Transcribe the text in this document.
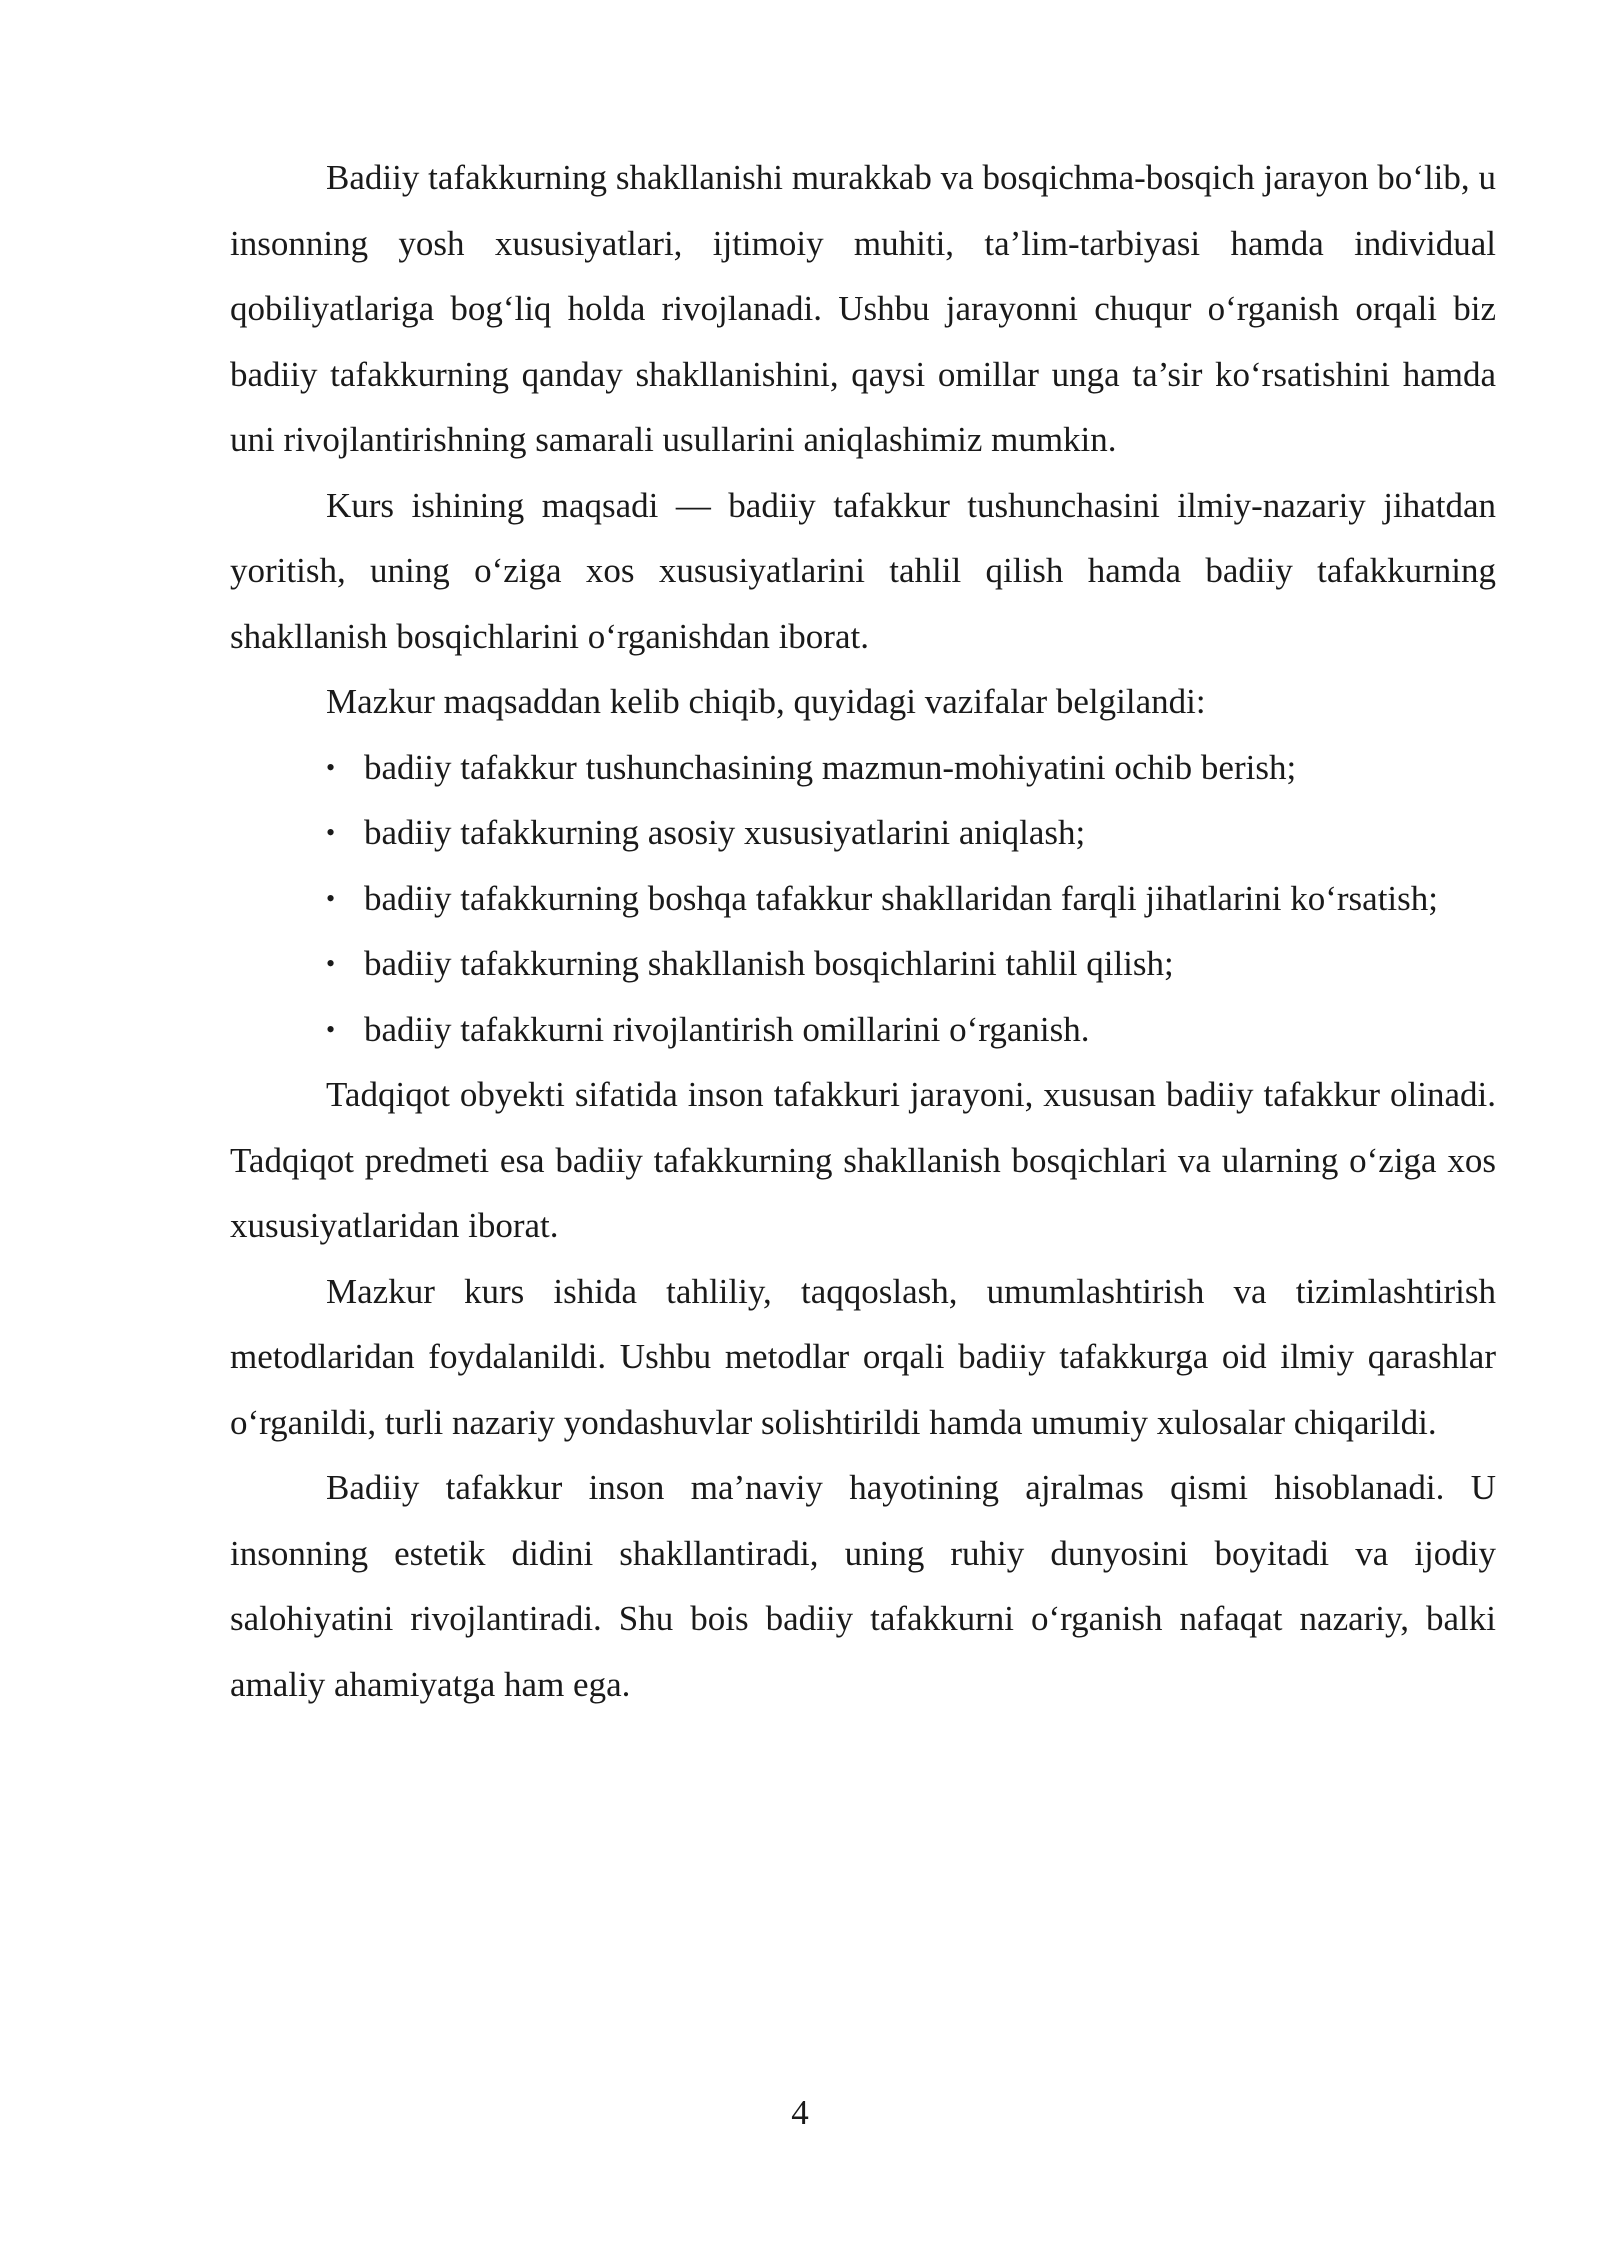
Badiiy tafakkurning shakllanishi murakkab va bosqichma-bosqich jarayon bo‘lib, u insonning yosh xususiyatlari, ijtimoiy muhiti, ta’lim-tarbiyasi hamda individual qobiliyatlariga bog‘liq holda rivojlanadi. Ushbu jarayonni chuqur o‘rganish orqali biz badiiy tafakkurning qanday shakllanishini, qaysi omillar unga ta’sir ko‘rsatishini hamda uni rivojlantirishning samarali usullarini aniqlashimiz mumkin.

Kurs ishining maqsadi — badiiy tafakkur tushunchasini ilmiy-nazariy jihatdan yoritish, uning o‘ziga xos xususiyatlarini tahlil qilish hamda badiiy tafakkurning shakllanish bosqichlarini o‘rganishdan iborat.

Mazkur maqsaddan kelib chiqib, quyidagi vazifalar belgilandi:

• badiiy tafakkur tushunchasining mazmun-mohiyatini ochib berish;
• badiiy tafakkurning asosiy xususiyatlarini aniqlash;
• badiiy tafakkurning boshqa tafakkur shakllaridan farqli jihatlarini ko‘rsatish;
• badiiy tafakkurning shakllanish bosqichlarini tahlil qilish;
• badiiy tafakkurni rivojlantirish omillarini o‘rganish.

Tadqiqot obyekti sifatida inson tafakkuri jarayoni, xususan badiiy tafakkur olinadi. Tadqiqot predmeti esa badiiy tafakkurning shakllanish bosqichlari va ularning o‘ziga xos xususiyatlaridan iborat.

Mazkur kurs ishida tahliliy, taqqoslash, umumlashtirish va tizimlashtirish metodlaridan foydalanildi. Ushbu metodlar orqali badiiy tafakkurga oid ilmiy qarashlar o‘rganildi, turli nazariy yondashuvlar solishtirildi hamda umumiy xulosalar chiqarildi.

Badiiy tafakkur inson ma’naviy hayotining ajralmas qismi hisoblanadi. U insonning estetik didini shakllantiradi, uning ruhiy dunyosini boyitadi va ijodiy salohiyatini rivojlantiradi. Shu bois badiiy tafakkurni o‘rganish nafaqat nazariy, balki amaliy ahamiyatga ham ega.

4
